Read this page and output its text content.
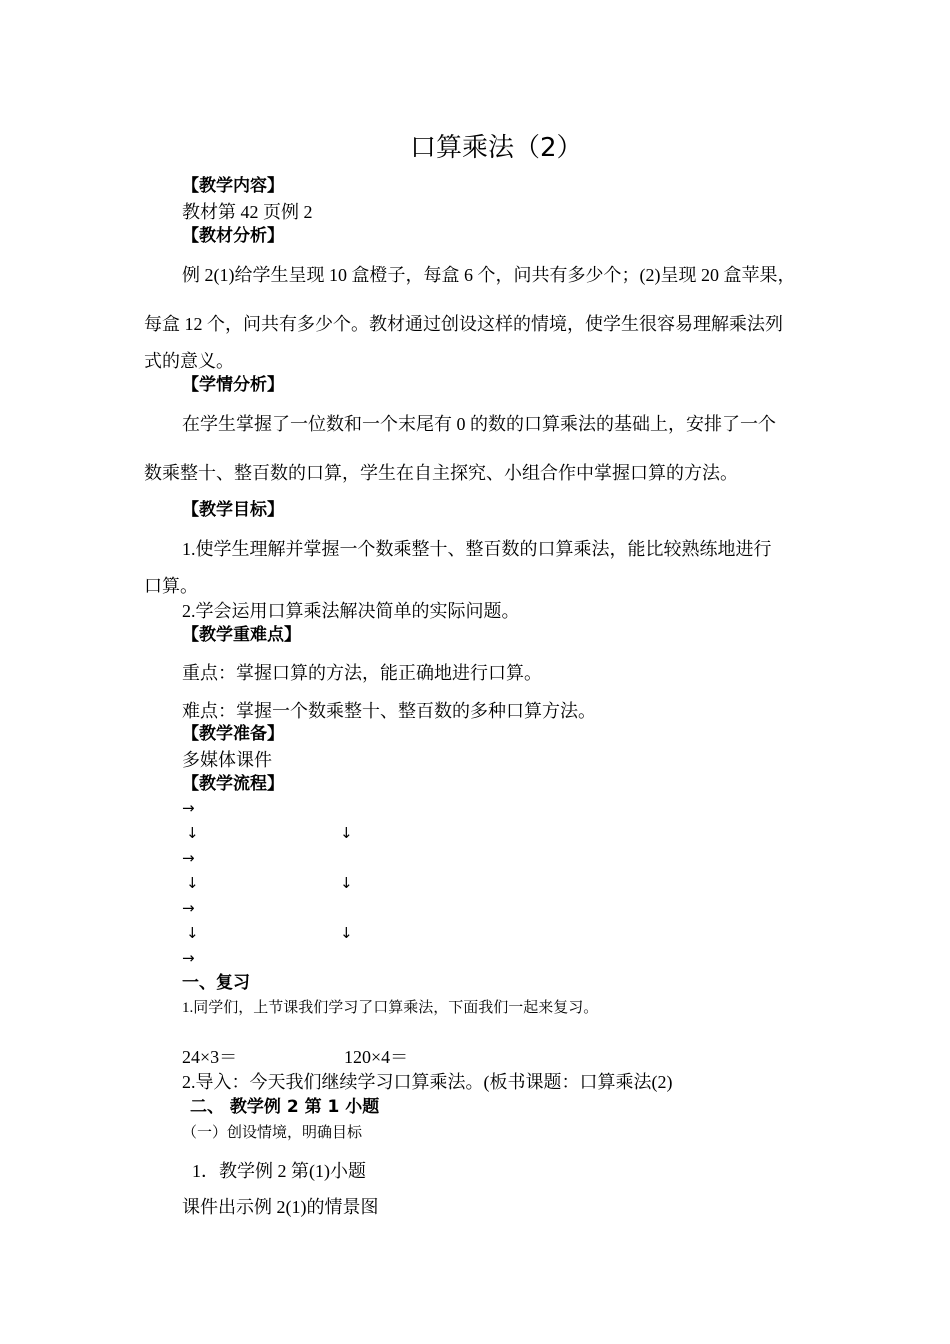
口算乘法（2）
【教学内容】
教材第 42 页例 2
【教材分析】
例 2(1)给学生呈现 10 盒橙子，每盒 6 个，问共有多少个；(2)呈现 20 盒苹果，
每盒 12 个，问共有多少个。教材通过创设这样的情境，使学生很容易理解乘法列
式的意义。
【学情分析】
在学生掌握了一位数和一个末尾有 0 的数的口算乘法的基础上，安排了一个
数乘整十、整百数的口算，学生在自主探究、小组合作中掌握口算的方法。
【教学目标】
1.使学生理解并掌握一个数乘整十、整百数的口算乘法，能比较熟练地进行
口算。
2.学会运用口算乘法解决简单的实际问题。
【教学重难点】
重点：掌握口算的方法，能正确地进行口算。
难点：掌握一个数乘整十、整百数的多种口算方法。
【教学准备】
多媒体课件
【教学流程】
→
↓	↓
→
↓	↓
→
↓	↓
→
一、复习
1.同学们，上节课我们学习了口算乘法，下面我们一起来复习。
24×3＝	120×4＝
2.导入：今天我们继续学习口算乘法。(板书课题：口算乘法(2)
二、 教学例 2 第 1 小题
（一）创设情境，明确目标
1．教学例 2 第(1)小题
课件出示例 2(1)的情景图
